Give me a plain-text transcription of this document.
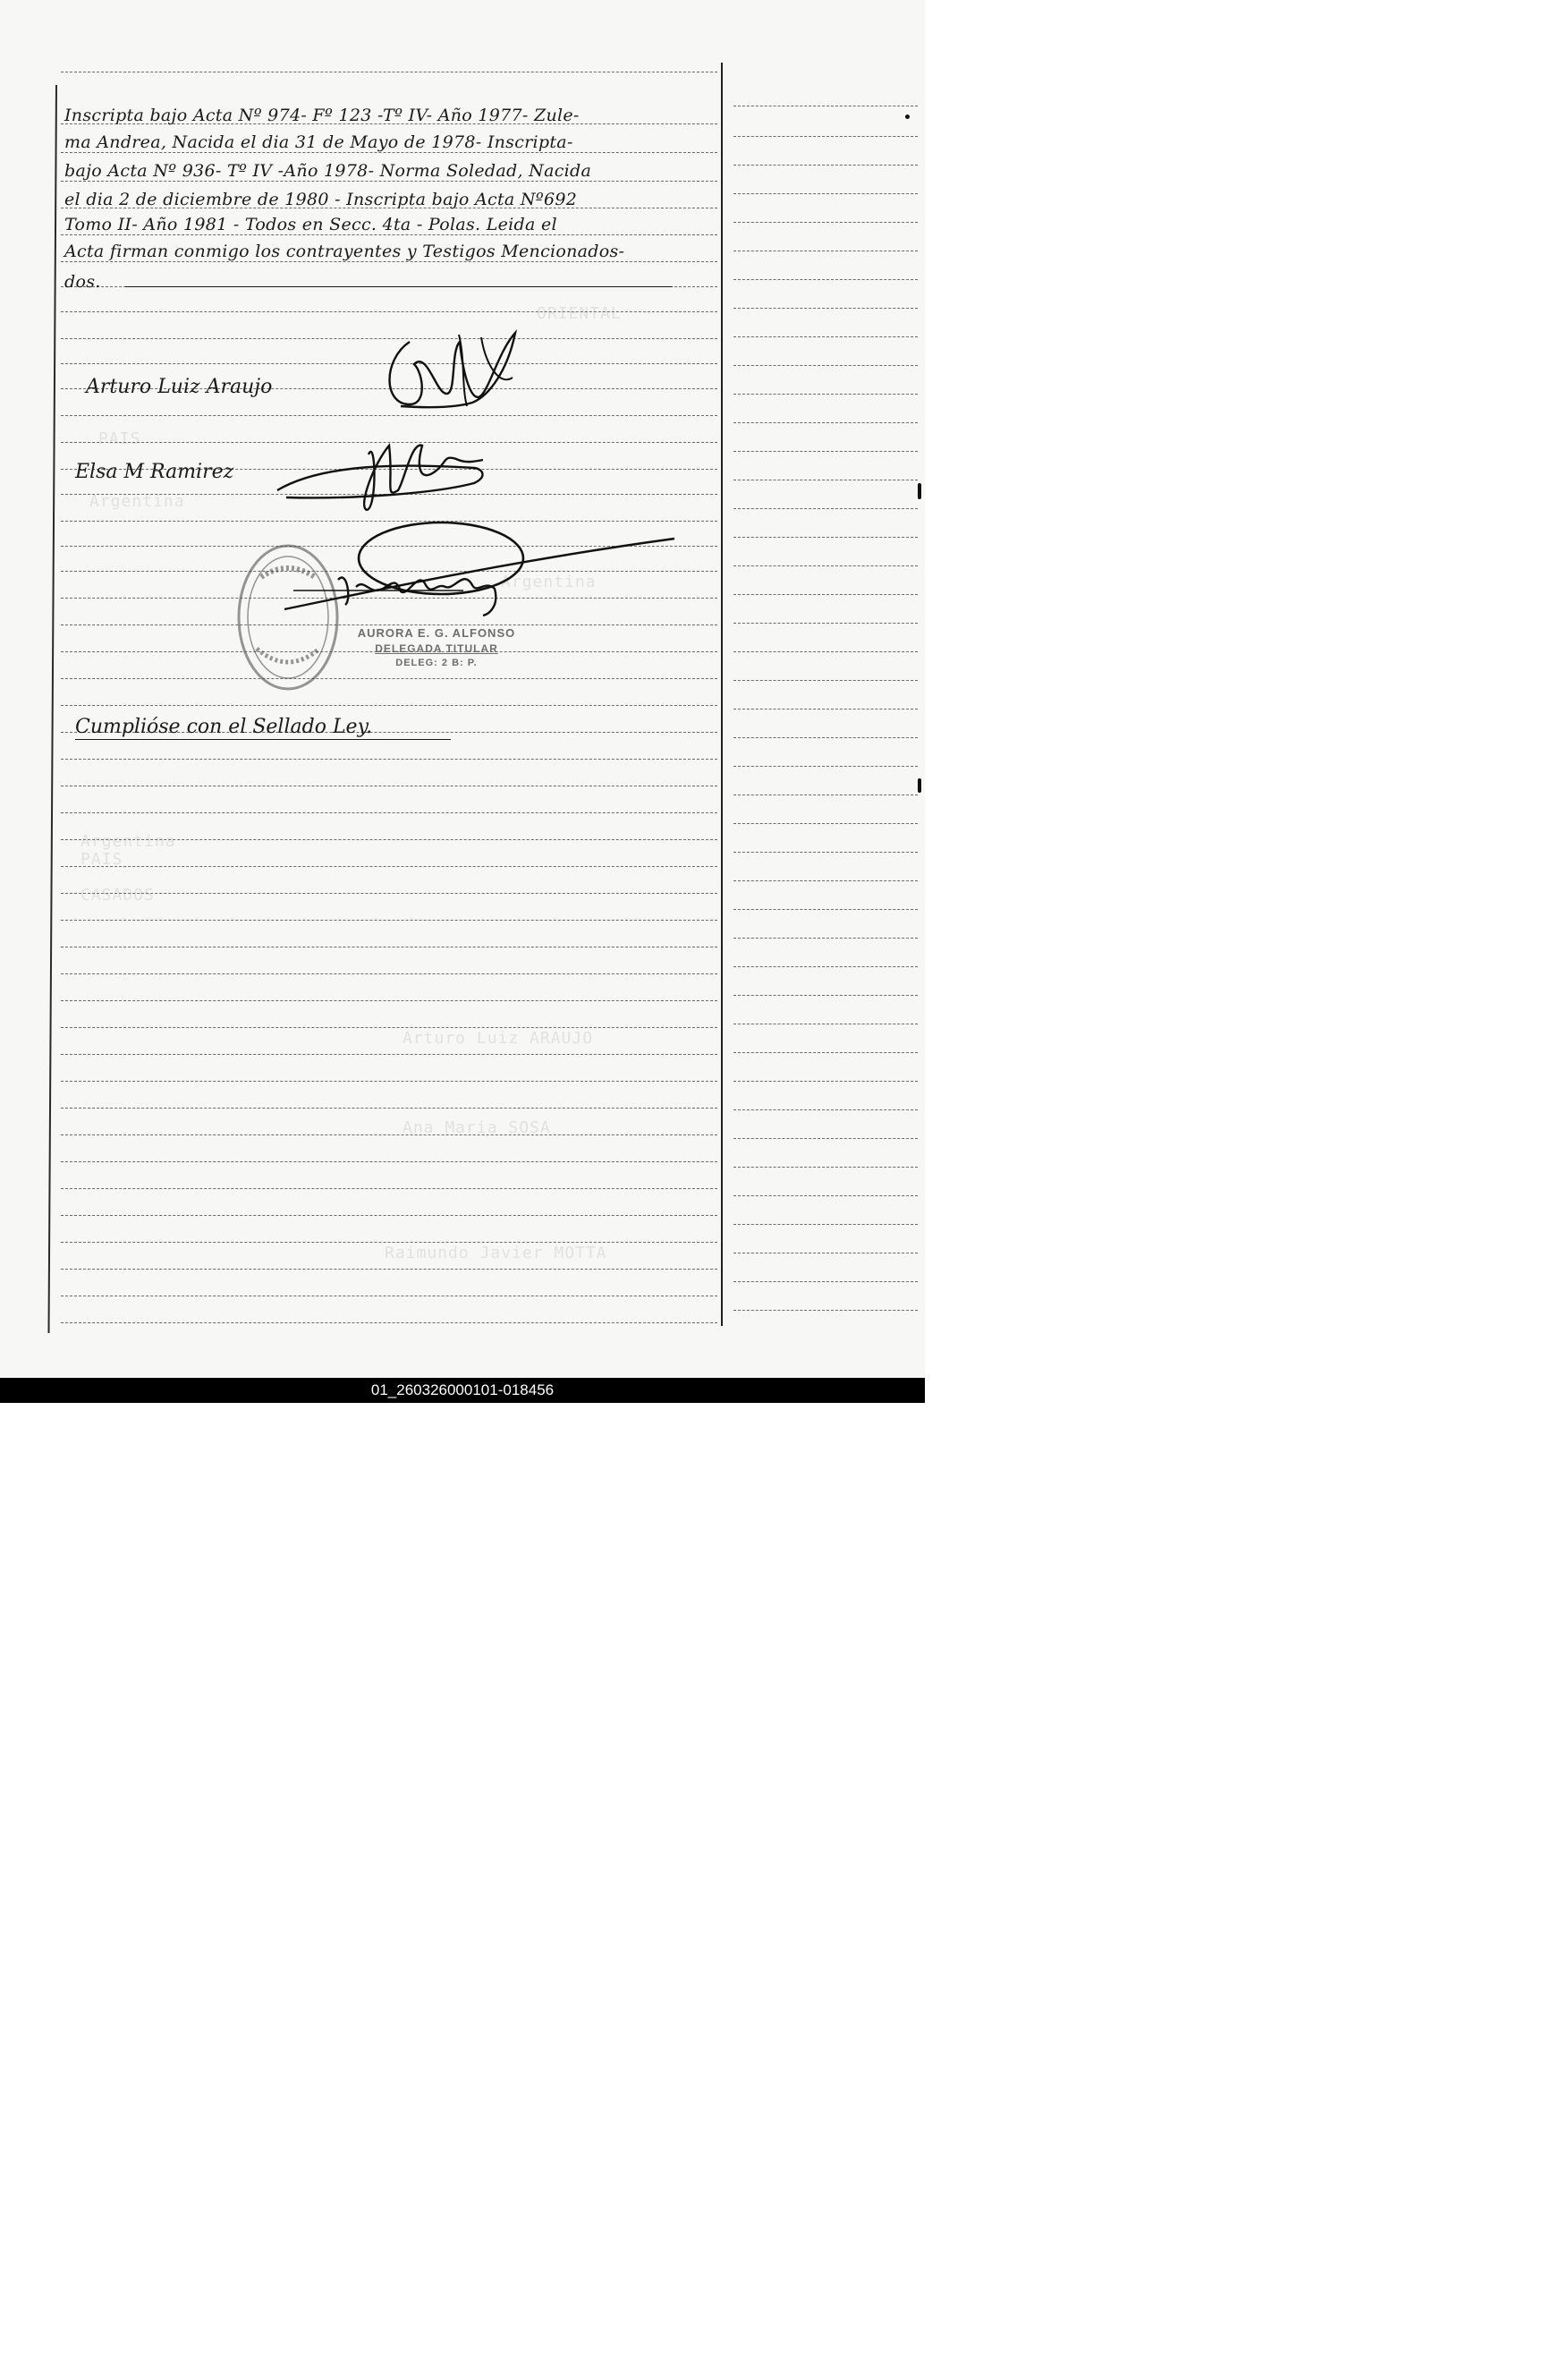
ORIENTAL
PAIS
Argentina
Argentina
Argentina
PAIS
CASADOS
Arturo Luiz ARAUJO
Ana Maria SOSA
Raimundo Javier MOTTA
Inscripta bajo Acta Nº 974- Fº 123 -Tº IV- Año 1977- Zule-
ma Andrea, Nacida el dia 31 de Mayo de 1978- Inscripta-
bajo Acta Nº 936- Tº IV -Año 1978- Norma Soledad, Nacida
el dia 2 de diciembre de 1980 - Inscripta bajo Acta Nº692
Tomo II- Año 1981 - Todos en Secc. 4ta - Polas. Leida el
Acta firman conmigo los contrayentes y Testigos Mencionados-
dos.
Arturo Luiz Araujo
Elsa M Ramirez
AURORA E. G. ALFONSO
DELEGADA TITULAR
DELEG: 2 B: P.
Cumplióse con el Sellado Ley.
01_260326000101-018456
